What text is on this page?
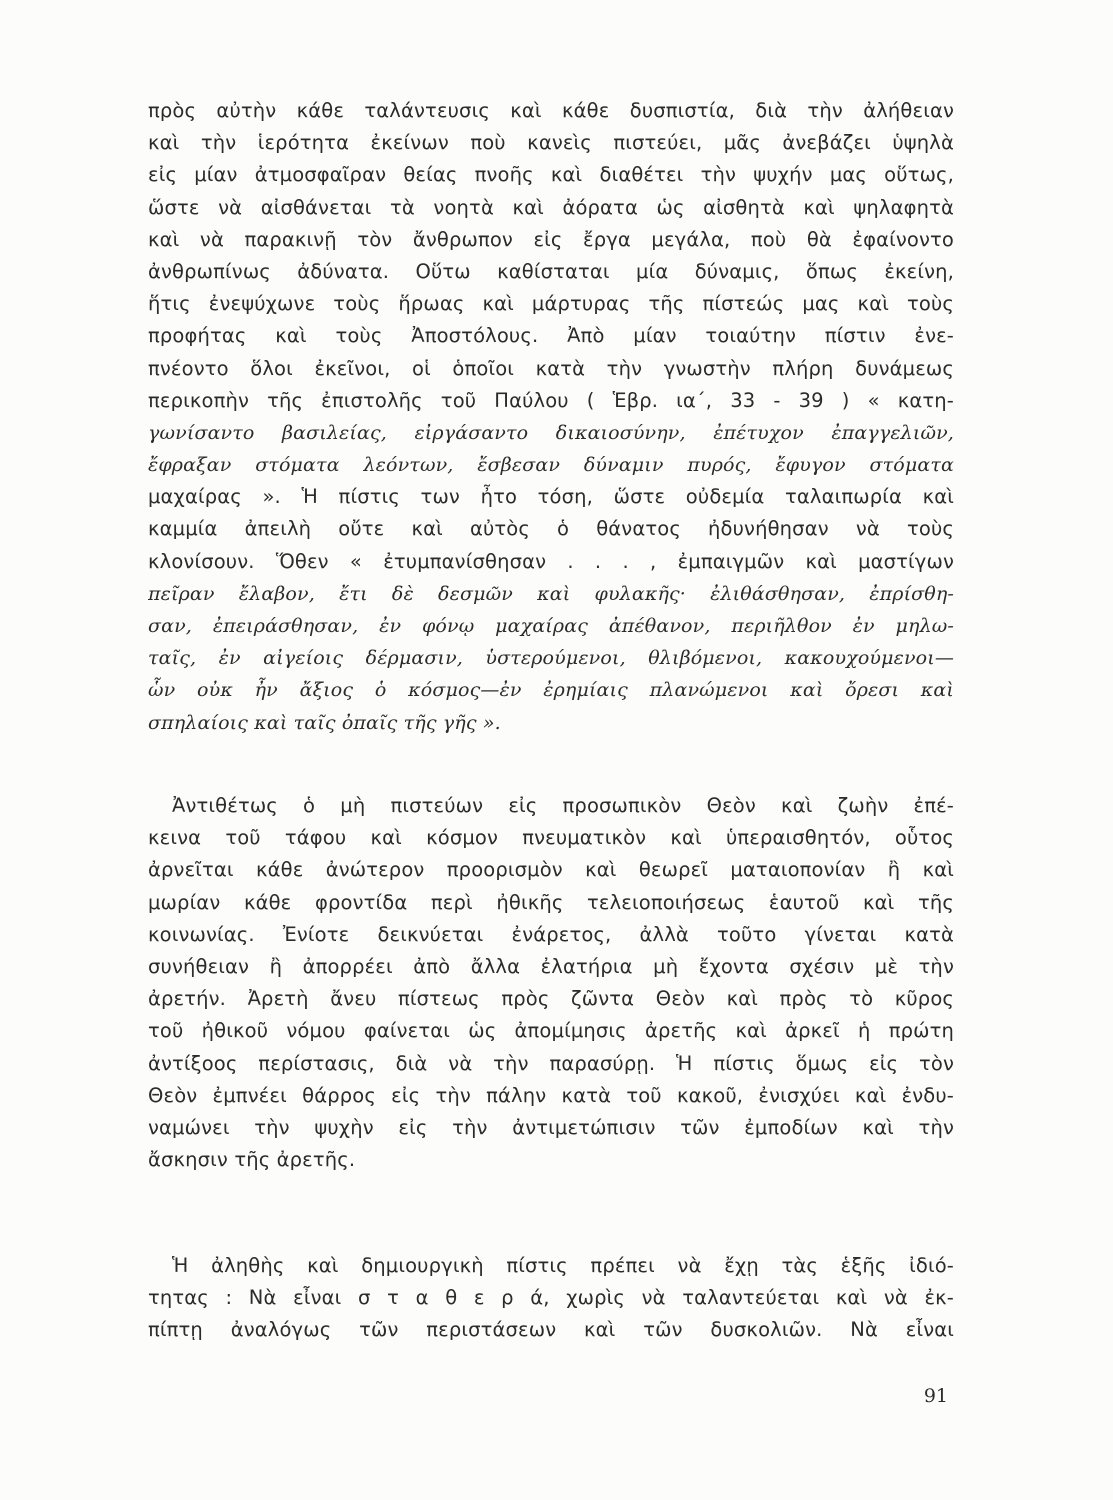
πρὸς αὐτὴν κάθε ταλάντευσις καὶ κάθε δυσπιστία, διὰ τὴν ἀλήθειαν
καὶ τὴν ἱερότητα ἐκείνων ποὺ κανεὶς πιστεύει, μᾶς ἀνεβάζει ὑψηλὰ
εἰς μίαν ἀτμοσφαῖραν θείας πνοῆς καὶ διαθέτει τὴν ψυχήν μας οὕτως,
ὥστε νὰ αἰσθάνεται τὰ νοητὰ καὶ ἀόρατα ὡς αἰσθητὰ καὶ ψηλαφητὰ
καὶ νὰ παρακινῇ τὸν ἄνθρωπον εἰς ἔργα μεγάλα, ποὺ θὰ ἐφαίνοντο
ἀνθρωπίνως ἀδύνατα. Οὕτω καθίσταται μία δύναμις, ὅπως ἐκείνη,
ἥτις ἐνεψύχωνε τοὺς ἥρωας καὶ μάρτυρας τῆς πίστεώς μας καὶ τοὺς
προφήτας καὶ τοὺς Ἀποστόλους. Ἀπὸ μίαν τοιαύτην πίστιν ἐνε-
πνέοντο ὅλοι ἐκεῖνοι, οἱ ὁποῖοι κατὰ τὴν γνωστὴν πλήρη δυνάμεως
περικοπὴν τῆς ἐπιστολῆς τοῦ Παύλου ( Ἑβρ. ια΄, 33 - 39 ) « κατη-
γωνίσαντο βασιλείας, εἰργάσαντο δικαιοσύνην, ἐπέτυχον ἐπαγγελιῶν,
ἔφραξαν στόματα λεόντων, ἔσβεσαν δύναμιν πυρός, ἔφυγον στόματα
μαχαίρας ». Ἡ πίστις των ἦτο τόση, ὥστε οὐδεμία ταλαιπωρία καὶ
καμμία ἀπειλὴ οὔτε καὶ αὐτὸς ὁ θάνατος ἠδυνήθησαν νὰ τοὺς
κλονίσουν. Ὅθεν « ἐτυμπανίσθησαν . . . , ἐμπαιγμῶν καὶ μαστίγων
πεῖραν ἔλαβον, ἔτι δὲ δεσμῶν καὶ φυλακῆς· ἐλιθάσθησαν, ἐπρίσθη-
σαν, ἐπειράσθησαν, ἐν φόνῳ μαχαίρας ἀπέθανον, περιῆλθον ἐν μηλω-
ταῖς, ἐν αἰγείοις δέρμασιν, ὑστερούμενοι, θλιβόμενοι, κακουχούμενοι—
ὧν οὐκ ἦν ἄξιος ὁ κόσμος—ἐν ἐρημίαις πλανώμενοι καὶ ὄρεσι καὶ
σπηλαίοις καὶ ταῖς ὀπαῖς τῆς γῆς ».
Ἀντιθέτως ὁ μὴ πιστεύων εἰς προσωπικὸν Θεὸν καὶ ζωὴν ἐπέ-
κεινα τοῦ τάφου καὶ κόσμον πνευματικὸν καὶ ὑπεραισθητόν, οὗτος
ἀρνεῖται κάθε ἀνώτερον προορισμὸν καὶ θεωρεῖ ματαιοπονίαν ἢ καὶ
μωρίαν κάθε φροντίδα περὶ ἠθικῆς τελειοποιήσεως ἑαυτοῦ καὶ τῆς
κοινωνίας. Ἐνίοτε δεικνύεται ἐνάρετος, ἀλλὰ τοῦτο γίνεται κατὰ
συνήθειαν ἢ ἀπορρέει ἀπὸ ἄλλα ἐλατήρια μὴ ἔχοντα σχέσιν μὲ τὴν
ἀρετήν. Ἀρετὴ ἄνευ πίστεως πρὸς ζῶντα Θεὸν καὶ πρὸς τὸ κῦρος
τοῦ ἠθικοῦ νόμου φαίνεται ὡς ἀπομίμησις ἀρετῆς καὶ ἀρκεῖ ἡ πρώτη
ἀντίξοος περίστασις, διὰ νὰ τὴν παρασύρῃ. Ἡ πίστις ὅμως εἰς τὸν
Θεὸν ἐμπνέει θάρρος εἰς τὴν πάλην κατὰ τοῦ κακοῦ, ἐνισχύει καὶ ἐνδυ-
ναμώνει τὴν ψυχὴν εἰς τὴν ἀντιμετώπισιν τῶν ἐμποδίων καὶ τὴν
ἄσκησιν τῆς ἀρετῆς.
Ἡ ἀληθὴς καὶ δημιουργικὴ πίστις πρέπει νὰ ἔχῃ τὰς ἑξῆς ἰδιό-
τητας : Νὰ εἶναι σ τ α θ ε ρ ά, χωρὶς νὰ ταλαντεύεται καὶ νὰ ἐκ-
πίπτῃ ἀναλόγως τῶν περιστάσεων καὶ τῶν δυσκολιῶν. Νὰ εἶναι
91
